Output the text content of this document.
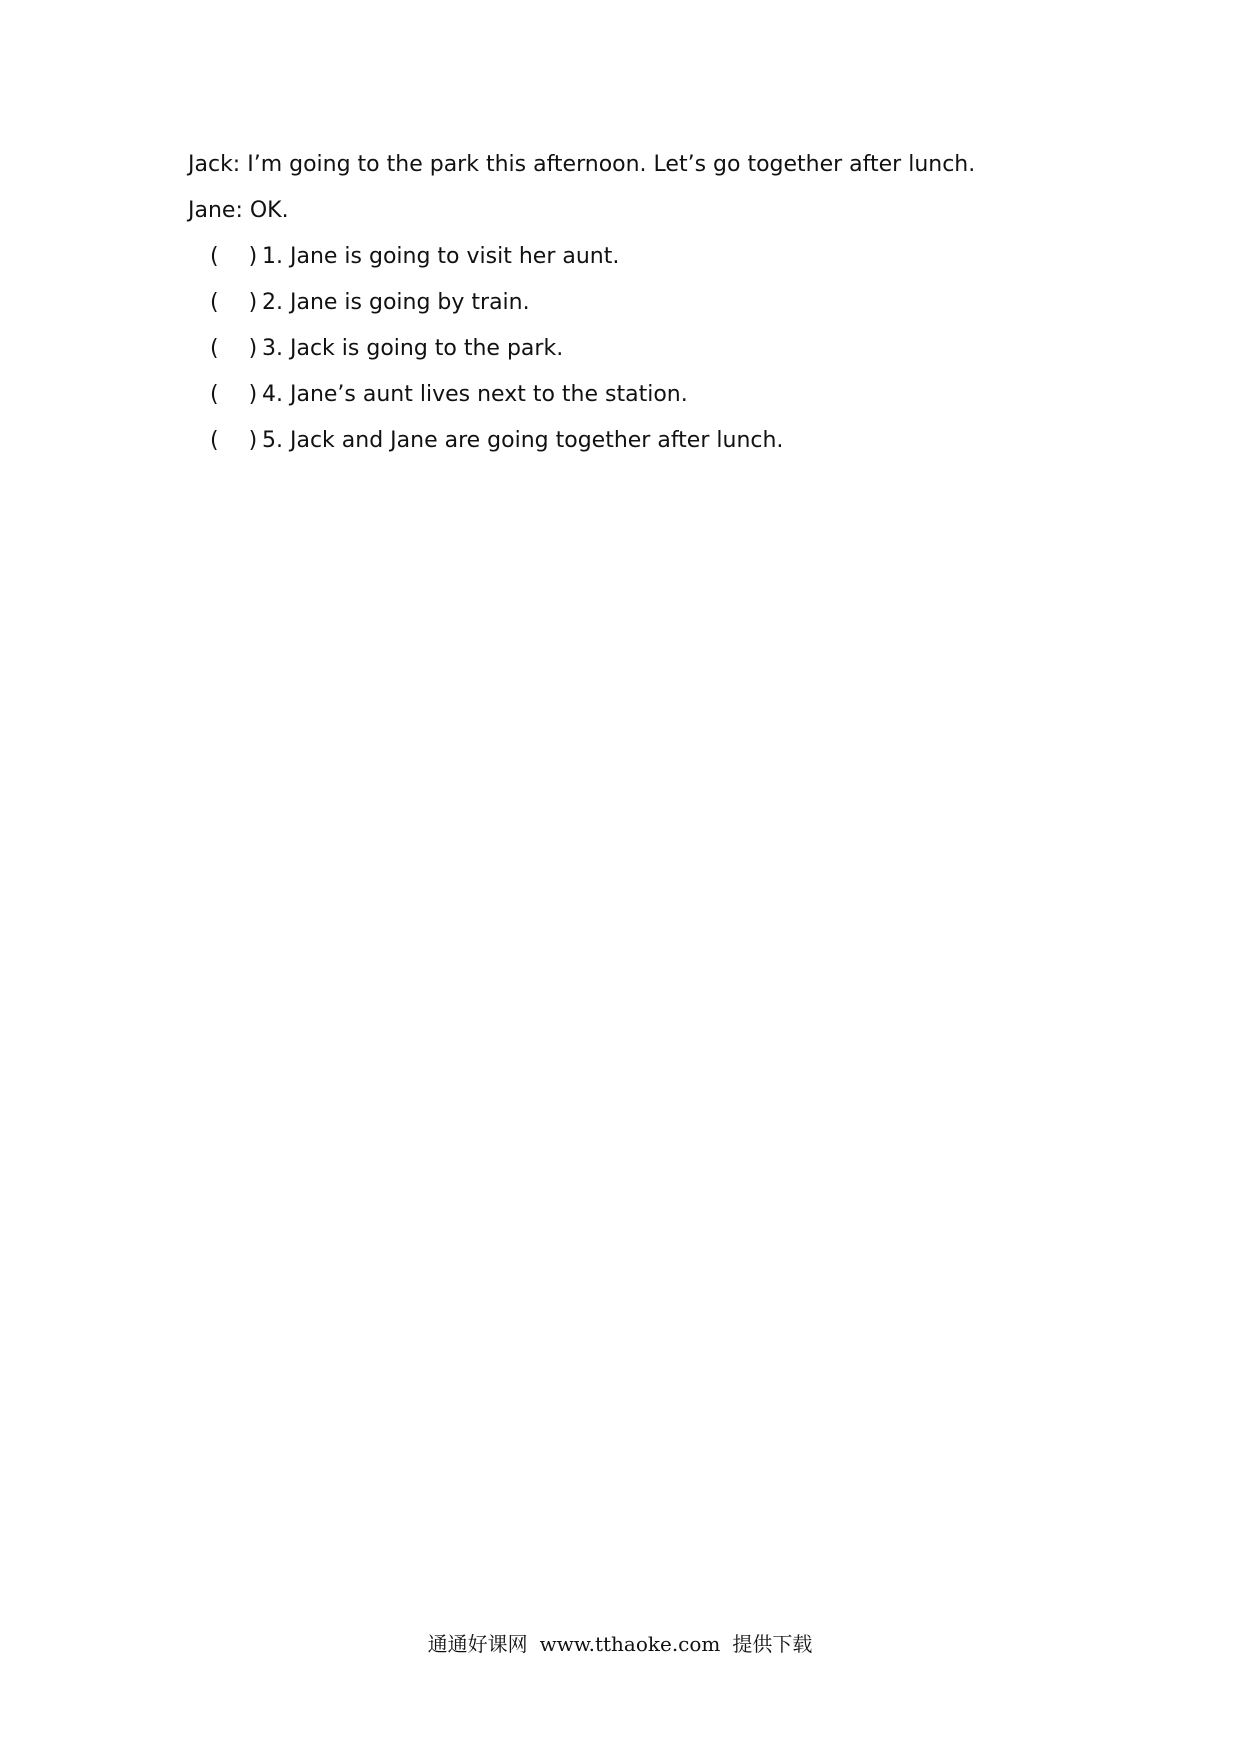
Jack: I’m going to the park this afternoon. Let’s go together after lunch.
Jane: OK.
( ) 1. Jane is going to visit her aunt.
( ) 2. Jane is going by train.
( ) 3. Jack is going to the park.
( ) 4. Jane’s aunt lives next to the station.
( ) 5. Jack and Jane are going together after lunch.
通通好课网 www.tthaoke.com 提供下载
